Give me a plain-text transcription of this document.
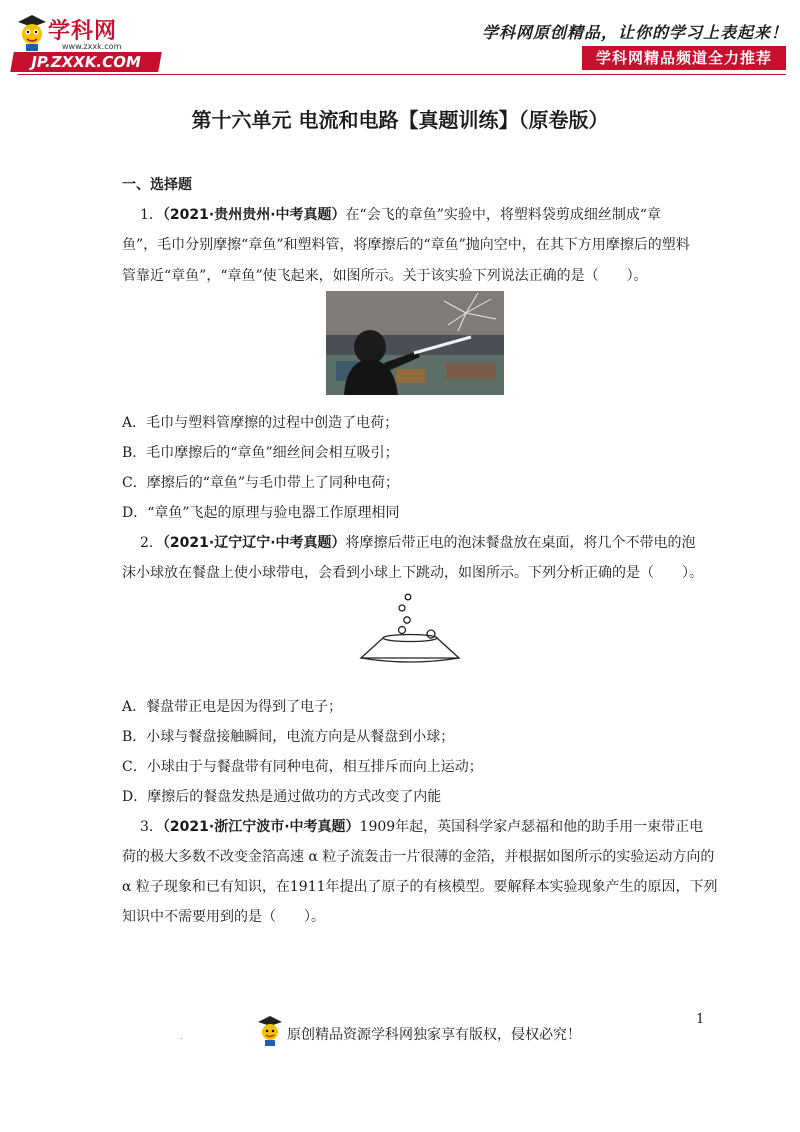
学科网
www.zxxk.com
JP.ZXXK.COM
学科网原创精品，让你的学习上表起来！
学科网精品频道全力推荐
第十六单元 电流和电路【真题训练】（原卷版）
一、选择题
1．（2021·贵州贵州·中考真题）在“会飞的章鱼”实验中，将塑料袋剪成细丝制成“章
鱼”，毛巾分别摩擦“章鱼”和塑料管，将摩擦后的“章鱼”抛向空中，在其下方用摩擦后的塑料
管靠近“章鱼”，“章鱼”使飞起来，如图所示。关于该实验下列说法正确的是（　　）。
A．毛巾与塑料管摩擦的过程中创造了电荷；
B．毛巾摩擦后的“章鱼”细丝间会相互吸引；
C．摩擦后的“章鱼”与毛巾带上了同种电荷；
D．“章鱼”飞起的原理与验电器工作原理相同
2．（2021·辽宁辽宁·中考真题）将摩擦后带正电的泡沫餐盘放在桌面，将几个不带电的泡
沫小球放在餐盘上使小球带电，会看到小球上下跳动，如图所示。下列分析正确的是（　　）。
A．餐盘带正电是因为得到了电子；
B．小球与餐盘接触瞬间，电流方向是从餐盘到小球；
C．小球由于与餐盘带有同种电荷，相互排斥而向上运动；
D．摩擦后的餐盘发热是通过做功的方式改变了内能
3．（2021·浙江宁波市·中考真题）1909年起，英国科学家卢瑟福和他的助手用一束带正电
荷的极大多数不改变金箔高速 α 粒子流轰击一片很薄的金箔，并根据如图所示的实验运动方向的
α 粒子现象和已有知识，在1911年提出了原子的有核模型。要解释本实验现象产生的原因，下列
知识中不需要用到的是（　　）。
1
.	原创精品资源学科网独家享有版权，侵权必究！
